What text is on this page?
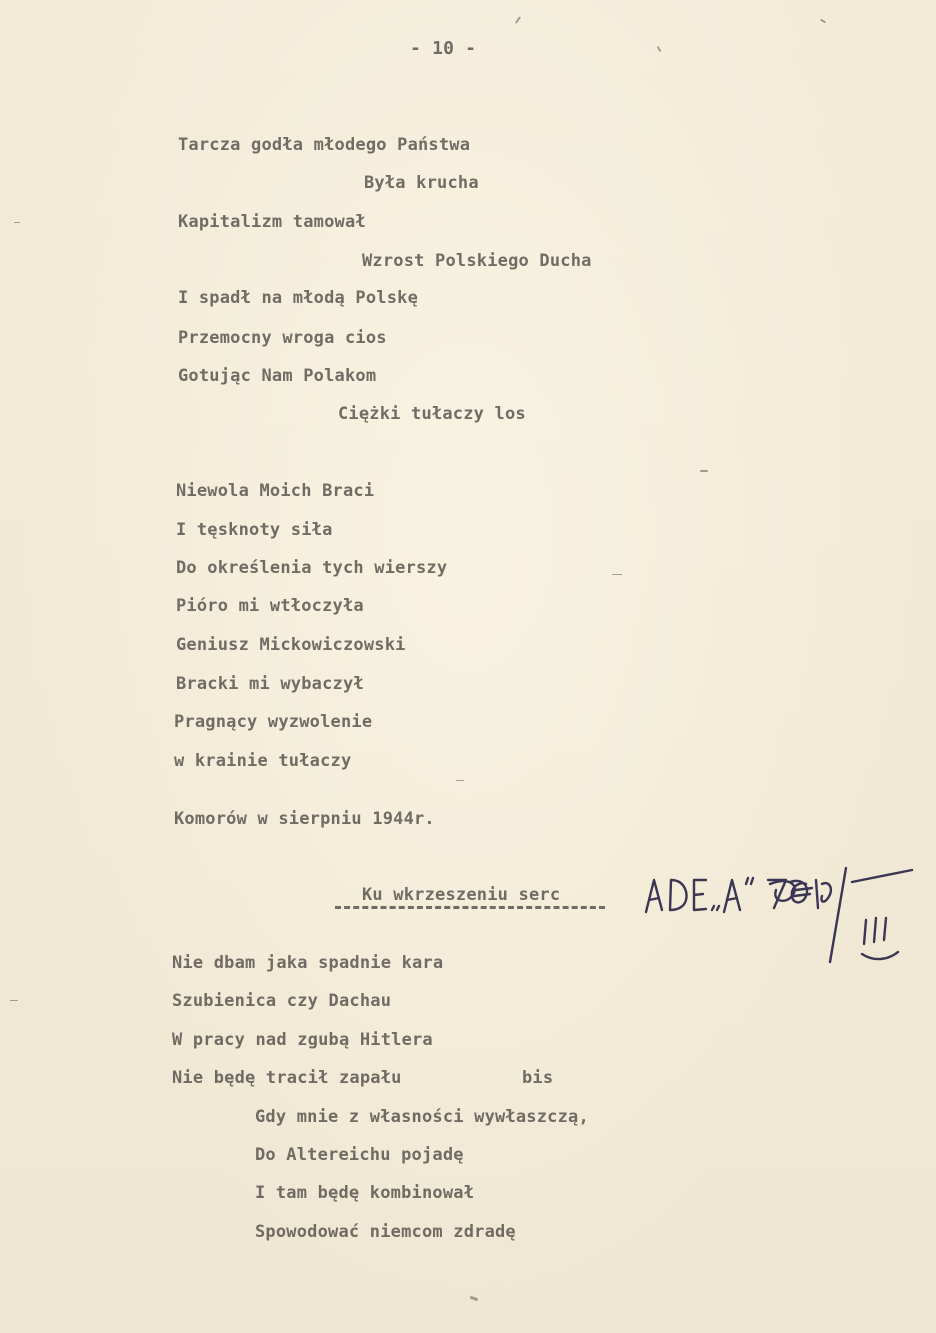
- 10 -
Tarcza godła młodego Państwa
Była krucha
Kapitalizm tamował
Wzrost Polskiego Ducha
I spadł na młodą Polskę
Przemocny wroga cios
Gotując Nam Polakom
Ciężki tułaczy los
Niewola Moich Braci
I tęsknoty siła
Do określenia tych wierszy
Pióro mi wtłoczyła
Geniusz Mickowiczowski
Bracki mi wybaczył
Pragnący wyzwolenie
w krainie tułaczy
Komorów w sierpniu 1944r.
Ku wkrzeszeniu serc
Nie dbam jaka spadnie kara
Szubienica czy Dachau
W pracy nad zgubą Hitlera
Nie będę tracił zapału	bis
Gdy mnie z własności wywłaszczą,
Do Altereichu pojadę
I tam będę kombinował
Spowodować niemcom zdradę
